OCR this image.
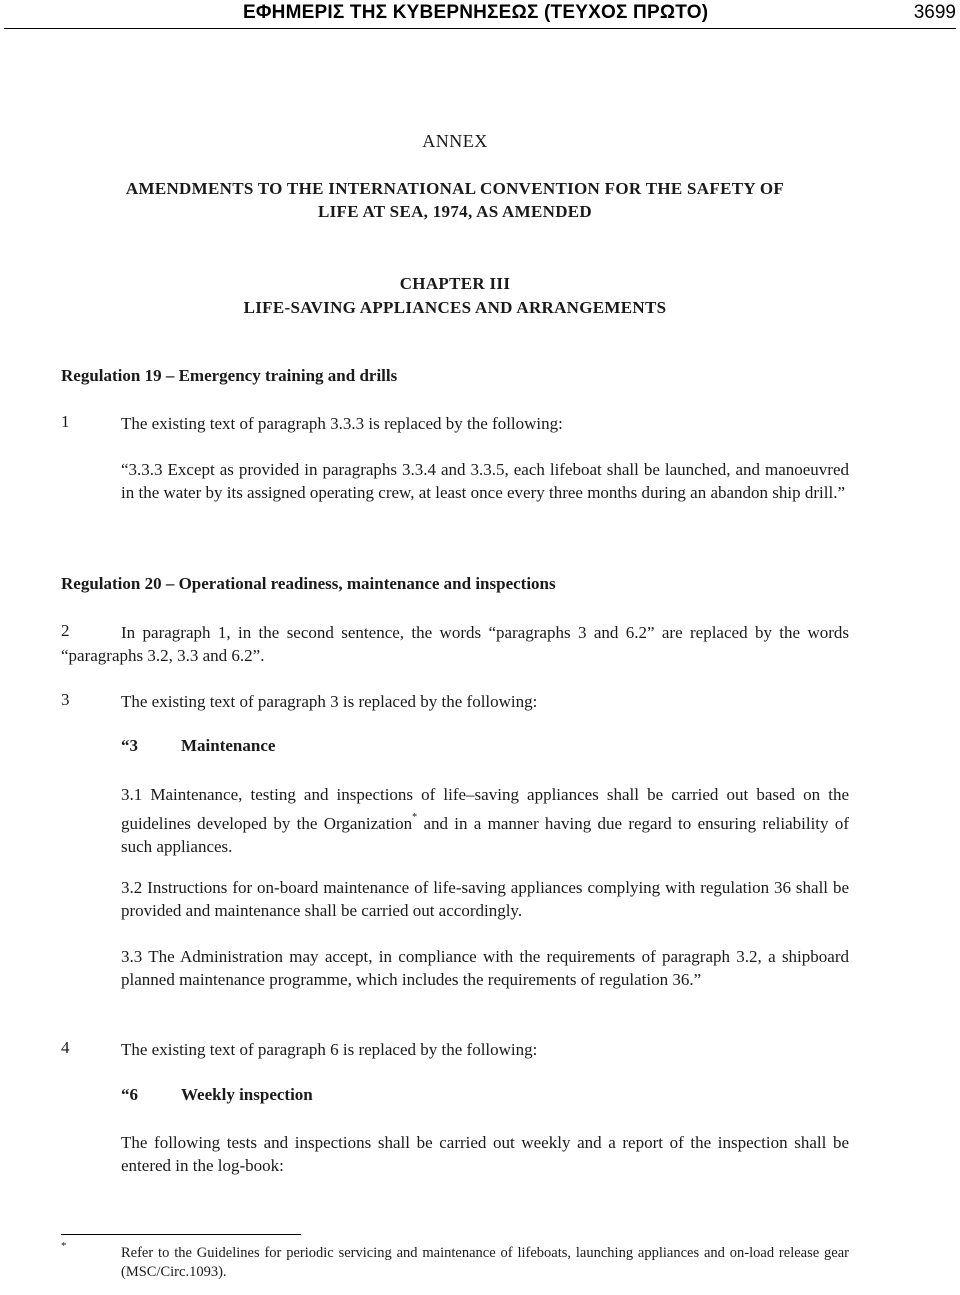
ΕΦΗΜΕΡΙΣ ΤΗΣ ΚΥΒΕΡΝΗΣΕΩΣ (ΤΕΥΧΟΣ ΠΡΩΤΟ)	3699
ANNEX
AMENDMENTS TO THE INTERNATIONAL CONVENTION FOR THE SAFETY OF
LIFE AT SEA, 1974, AS AMENDED
CHAPTER III
LIFE-SAVING APPLIANCES AND ARRANGEMENTS
Regulation 19 – Emergency training and drills
1	The existing text of paragraph 3.3.3 is replaced by the following:
“3.3.3 Except as provided in paragraphs 3.3.4 and 3.3.5, each lifeboat shall be launched, and manoeuvred in the water by its assigned operating crew, at least once every three months during an abandon ship drill.”
Regulation 20 – Operational readiness, maintenance and inspections
2	In paragraph 1, in the second sentence, the words “paragraphs 3 and 6.2” are replaced by the words “paragraphs 3.2, 3.3 and 6.2”.
3	The existing text of paragraph 3 is replaced by the following:
“3	Maintenance
3.1 Maintenance, testing and inspections of life–saving appliances shall be carried out based on the guidelines developed by the Organization* and in a manner having due regard to ensuring reliability of such appliances.
3.2 Instructions for on-board maintenance of life-saving appliances complying with regulation 36 shall be provided and maintenance shall be carried out accordingly.
3.3 The Administration may accept, in compliance with the requirements of paragraph 3.2, a shipboard planned maintenance programme, which includes the requirements of regulation 36.”
4	The existing text of paragraph 6 is replaced by the following:
“6	Weekly inspection
The following tests and inspections shall be carried out weekly and a report of the inspection shall be entered in the log-book:
*	Refer to the Guidelines for periodic servicing and maintenance of lifeboats, launching appliances and on-load release gear (MSC/Circ.1093).
